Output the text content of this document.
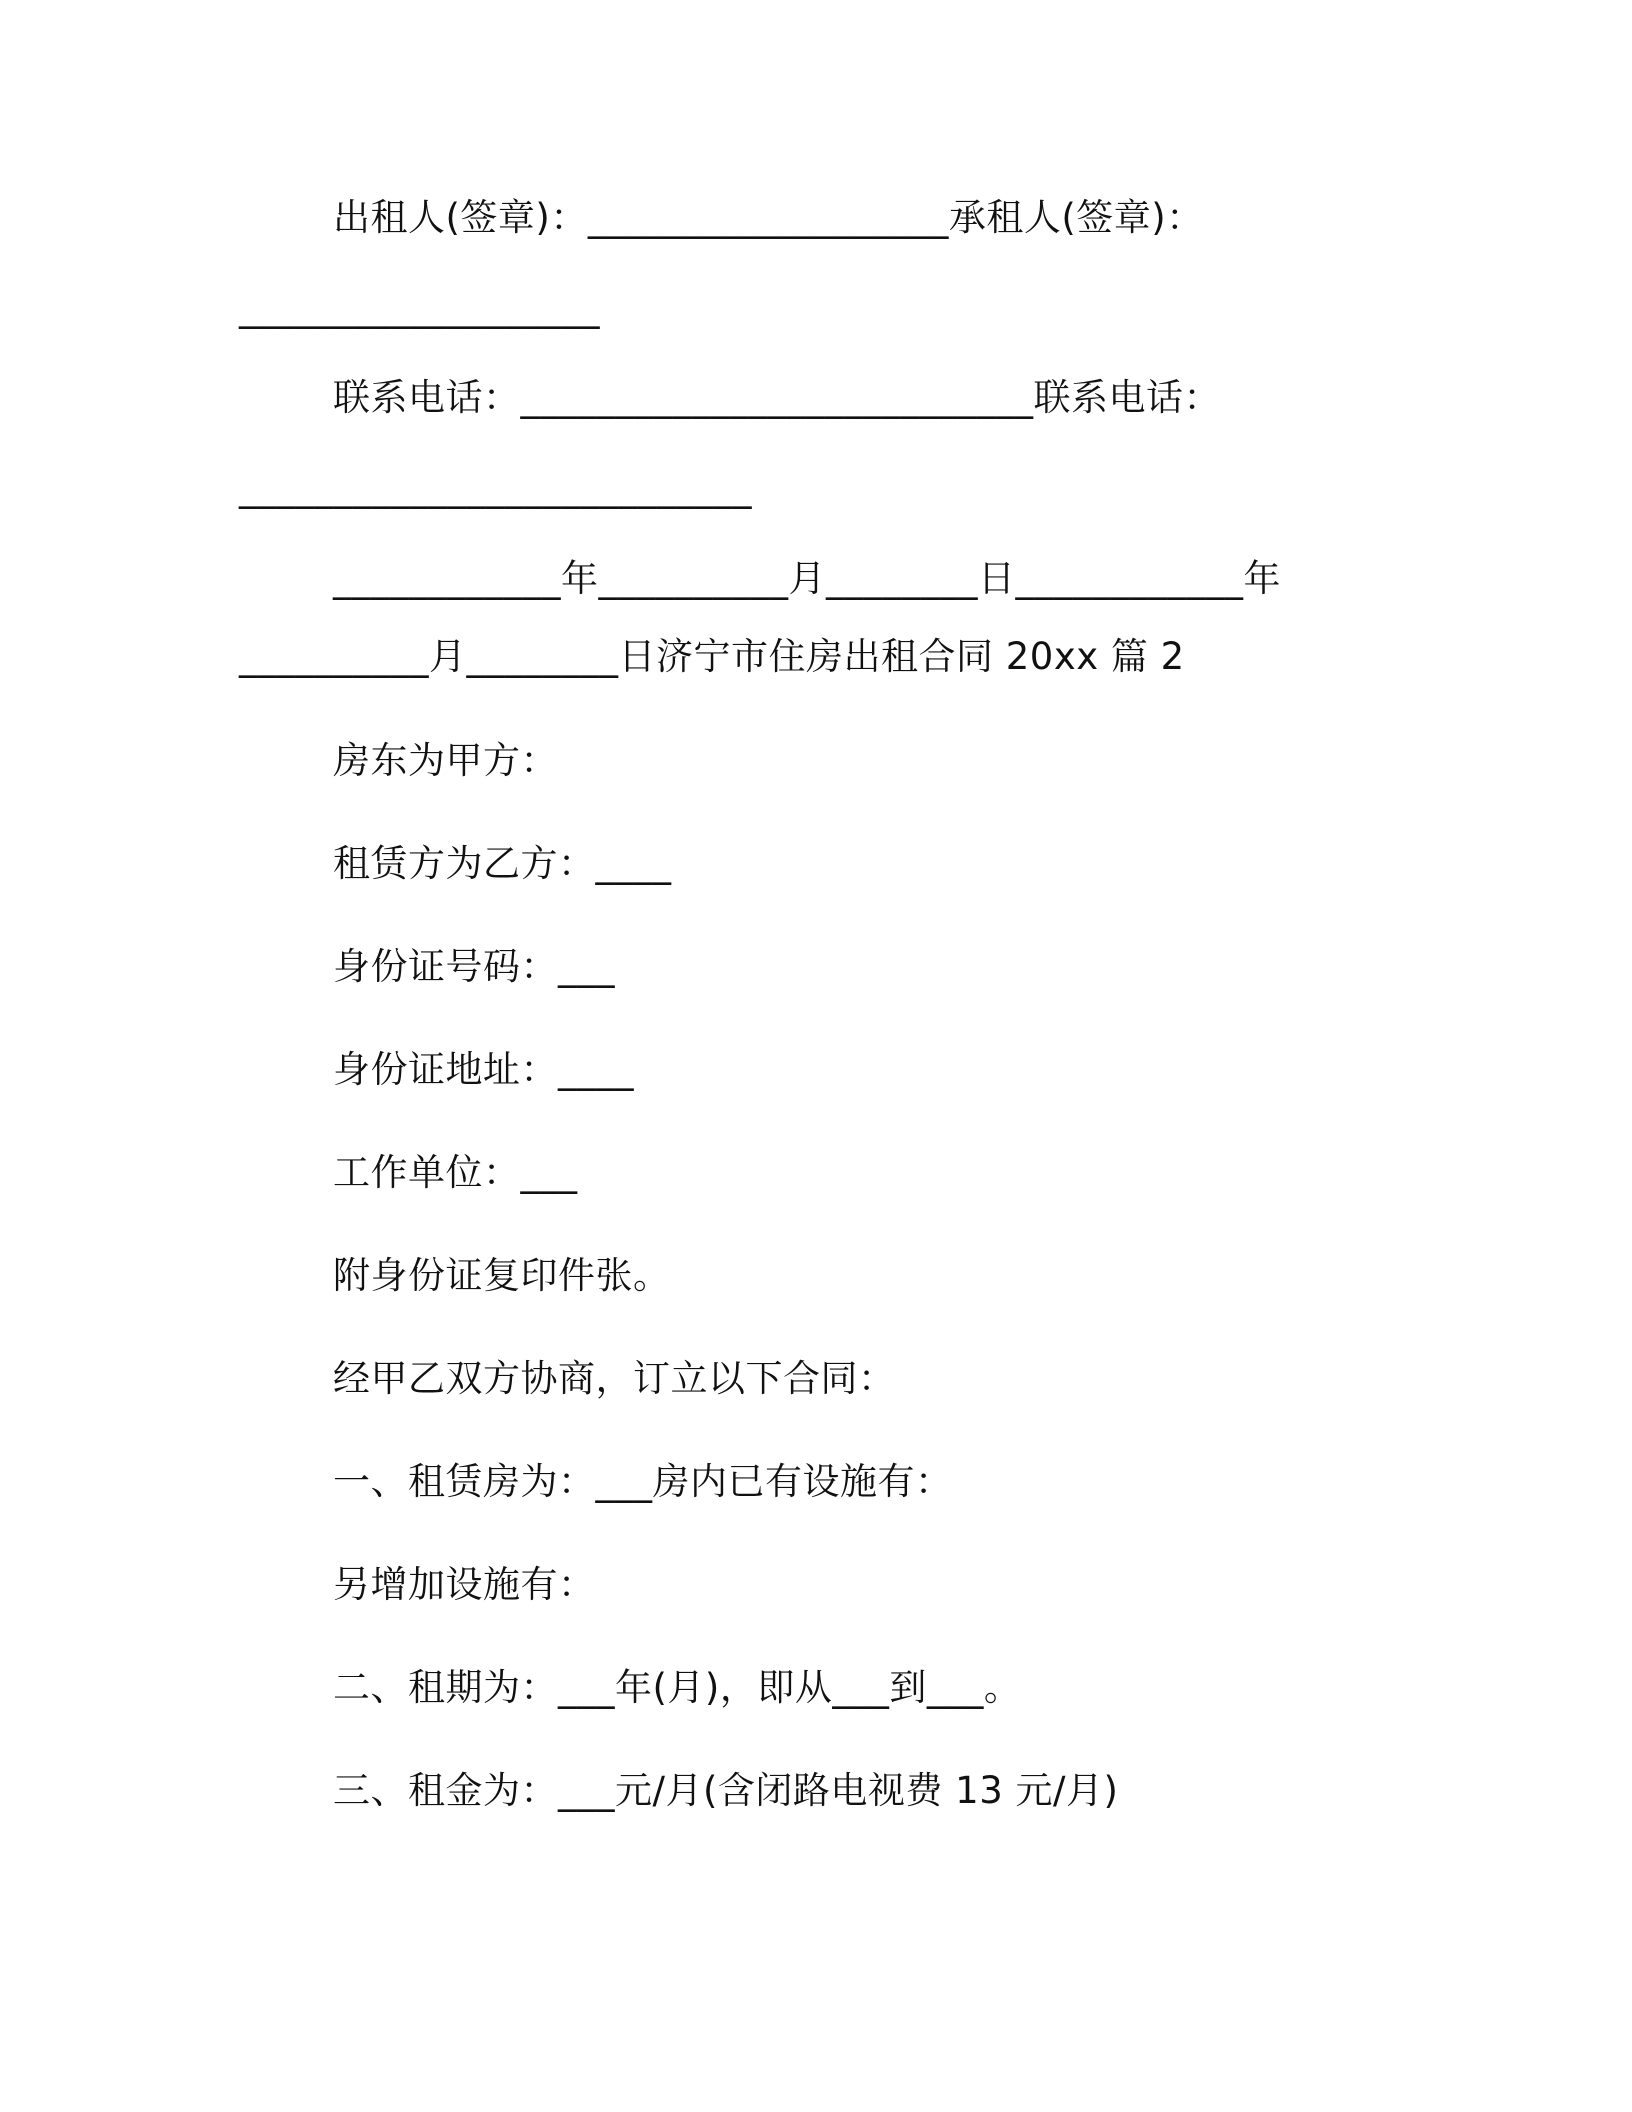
出租人(签章)：___________________承租人(签章)：
___________________
联系电话：___________________________联系电话：
___________________________
____________年__________月________日____________年
__________月________日济宁市住房出租合同 20xx 篇 2
房东为甲方：
租赁方为乙方：____
身份证号码：___
身份证地址：____
工作单位：___
附身份证复印件张。
经甲乙双方协商，订立以下合同：
一、租赁房为：___房内已有设施有：
另增加设施有：
二、租期为：___年(月)，即从___到___。
三、租金为：___元/月(含闭路电视费 13 元/月)
